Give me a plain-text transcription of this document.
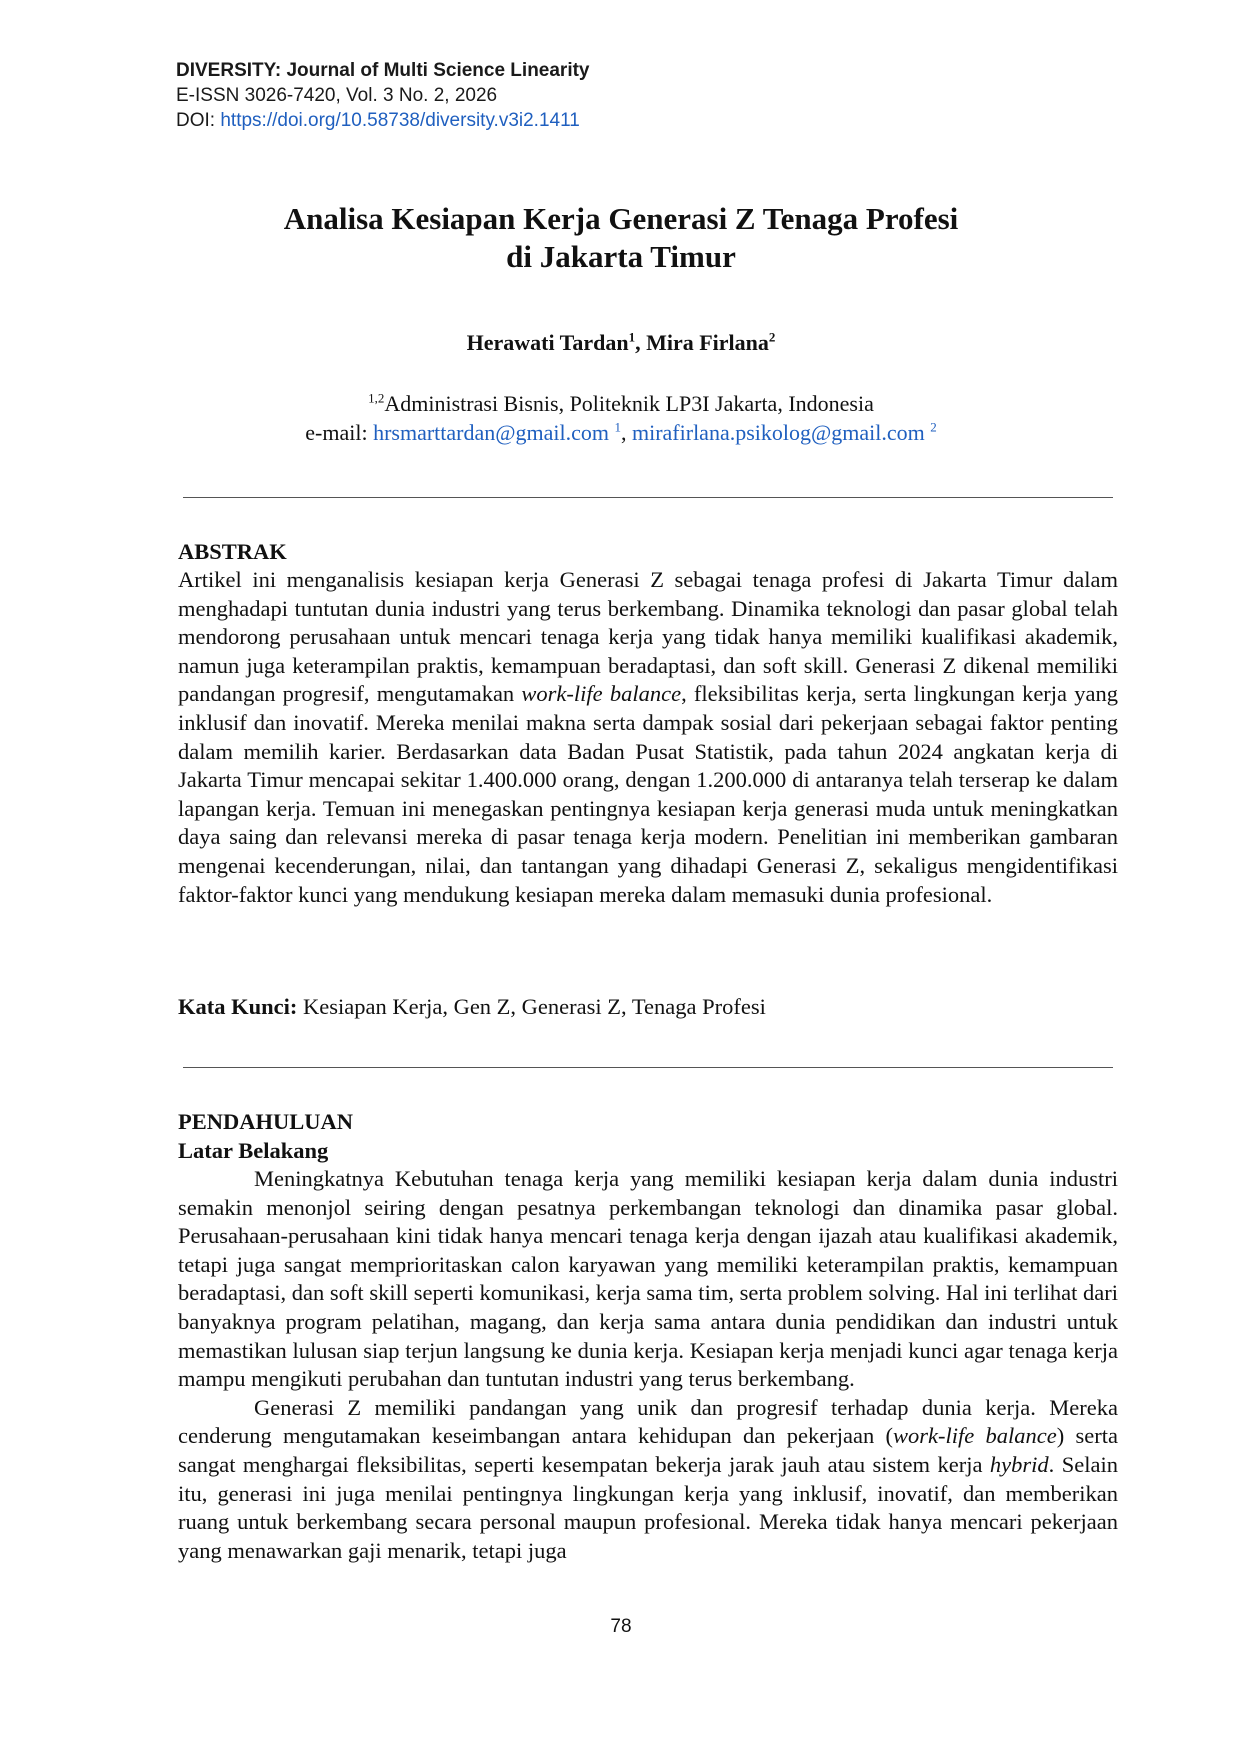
DIVERSITY: Journal of Multi Science Linearity
E-ISSN 3026-7420, Vol. 3 No. 2, 2026
DOI: https://doi.org/10.58738/diversity.v3i2.1411
Analisa Kesiapan Kerja Generasi Z Tenaga Profesi
di Jakarta Timur
Herawati Tardan$^1$, Mira Firlana$^2$
$^{1,2}$Administrasi Bisnis, Politeknik LP3I Jakarta, Indonesia
e-mail: hrsmarttardan@gmail.com $^1$, mirafirlana.psikolog@gmail.com $^2$
ABSTRAK

Artikel ini menganalisis kesiapan kerja Generasi Z sebagai tenaga profesi di Jakarta Timur dalam menghadapi tuntutan dunia industri yang terus berkembang. Dinamika teknologi dan pasar global telah mendorong perusahaan untuk mencari tenaga kerja yang tidak hanya memiliki kualifikasi akademik, namun juga keterampilan praktis, kemampuan beradaptasi, dan soft skill. Generasi Z dikenal memiliki pandangan progresif, mengutamakan work-life balance, fleksibilitas kerja, serta lingkungan kerja yang inklusif dan inovatif. Mereka menilai makna serta dampak sosial dari pekerjaan sebagai faktor penting dalam memilih karier. Berdasarkan data Badan Pusat Statistik, pada tahun 2024 angkatan kerja di Jakarta Timur mencapai sekitar 1.400.000 orang, dengan 1.200.000 di antaranya telah terserap ke dalam lapangan kerja. Temuan ini menegaskan pentingnya kesiapan kerja generasi muda untuk meningkatkan daya saing dan relevansi mereka di pasar tenaga kerja modern. Penelitian ini memberikan gambaran mengenai kecenderungan, nilai, dan tantangan yang dihadapi Generasi Z, sekaligus mengidentifikasi faktor-faktor kunci yang mendukung kesiapan mereka dalam memasuki dunia profesional.

Kata Kunci: Kesiapan Kerja, Gen Z, Generasi Z, Tenaga Profesi
PENDAHULUAN
Latar Belakang

Meningkatnya Kebutuhan tenaga kerja yang memiliki kesiapan kerja dalam dunia industri semakin menonjol seiring dengan pesatnya perkembangan teknologi dan dinamika pasar global. Perusahaan-perusahaan kini tidak hanya mencari tenaga kerja dengan ijazah atau kualifikasi akademik, tetapi juga sangat memprioritaskan calon karyawan yang memiliki keterampilan praktis, kemampuan beradaptasi, dan soft skill seperti komunikasi, kerja sama tim, serta problem solving. Hal ini terlihat dari banyaknya program pelatihan, magang, dan kerja sama antara dunia pendidikan dan industri untuk memastikan lulusan siap terjun langsung ke dunia kerja. Kesiapan kerja menjadi kunci agar tenaga kerja mampu mengikuti perubahan dan tuntutan industri yang terus berkembang.

Generasi Z memiliki pandangan yang unik dan progresif terhadap dunia kerja. Mereka cenderung mengutamakan keseimbangan antara kehidupan dan pekerjaan (work-life balance) serta sangat menghargai fleksibilitas, seperti kesempatan bekerja jarak jauh atau sistem kerja hybrid. Selain itu, generasi ini juga menilai pentingnya lingkungan kerja yang inklusif, inovatif, dan memberikan ruang untuk berkembang secara personal maupun profesional. Mereka tidak hanya mencari pekerjaan yang menawarkan gaji menarik, tetapi juga

78
